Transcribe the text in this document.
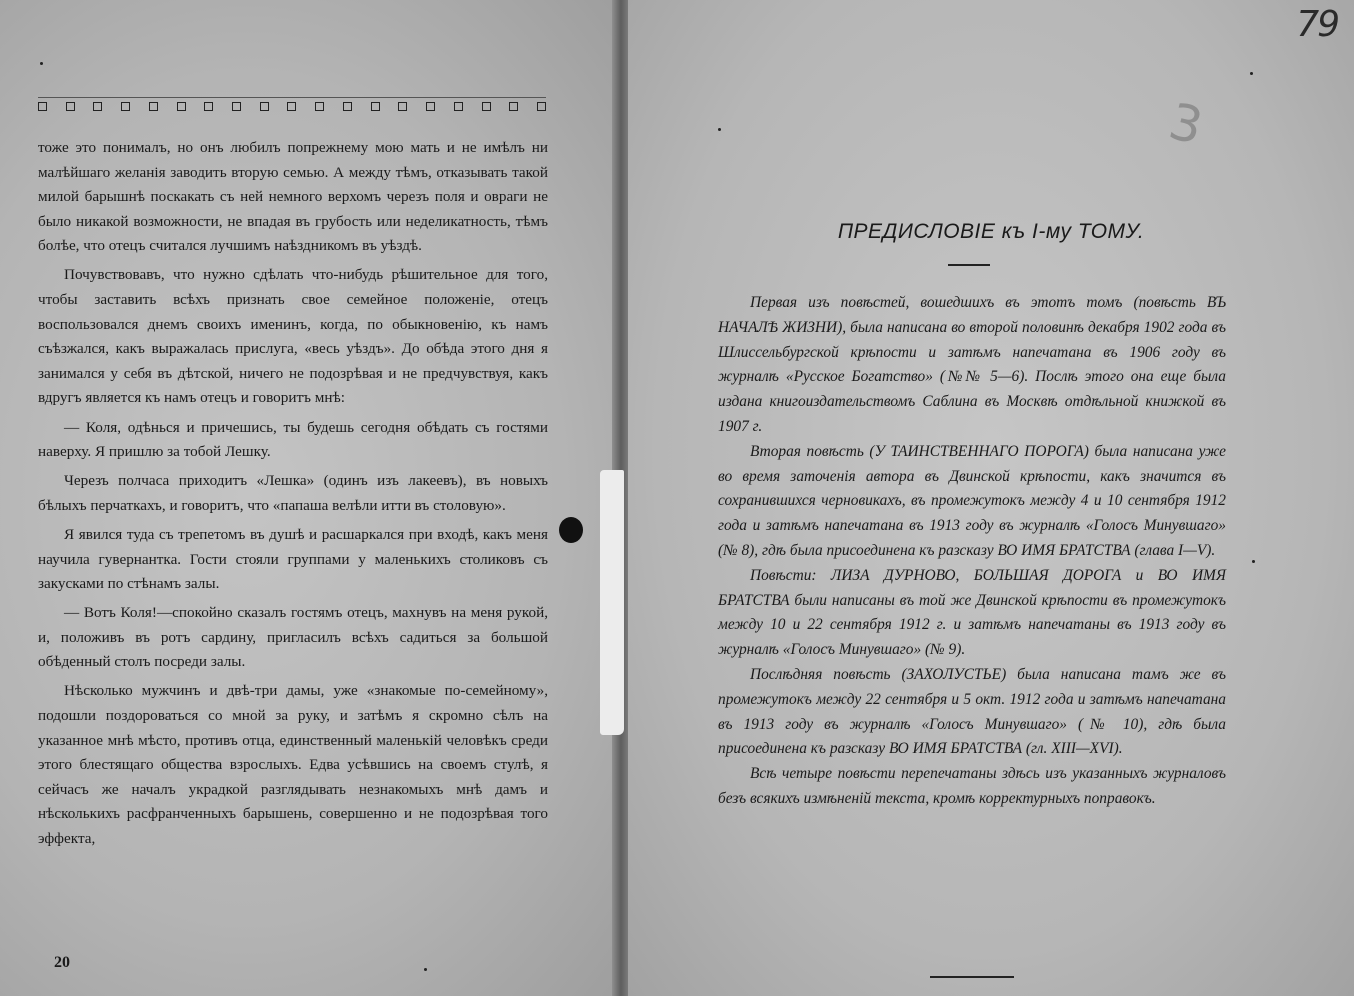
тоже это понималъ, но онъ любилъ попрежнему мою мать и не имѣлъ ни малѣйшаго желанія заводить вторую семью. А между тѣмъ, отказывать такой милой барышнѣ поскакать съ ней немного верхомъ черезъ поля и овраги не было никакой возможности, не впадая въ грубость или неделикатность, тѣмъ болѣе, что отецъ считался лучшимъ наѣздникомъ въ уѣздѣ.

Почувствовавъ, что нужно сдѣлать что-нибудь рѣшительное для того, чтобы заставить всѣхъ признать свое семейное положеніе, отецъ воспользовался днемъ своихъ именинъ, когда, по обыкновенію, къ намъ съѣзжался, какъ выражалась прислуга, «весь уѣздъ». До обѣда этого дня я занимался у себя въ дѣтской, ничего не подозрѣвая и не предчувствуя, какъ вдругъ является къ намъ отецъ и говоритъ мнѣ:

— Коля, одѣнься и причешись, ты будешь сегодня обѣдать съ гостями наверху. Я пришлю за тобой Лешку.

Черезъ полчаса приходитъ «Лешка» (одинъ изъ лакеевъ), въ новыхъ бѣлыхъ перчаткахъ, и говоритъ, что «папаша велѣли итти въ столовую».

Я явился туда съ трепетомъ въ душѣ и расшаркался при входѣ, какъ меня научила гувернантка. Гости стояли группами у маленькихъ столиковъ съ закусками по стѣнамъ залы.

— Вотъ Коля!—спокойно сказалъ гостямъ отецъ, махнувъ на меня рукой, и, положивъ въ ротъ сардину, пригласилъ всѣхъ садиться за большой обѣденный столъ посреди залы.

Нѣсколько мужчинъ и двѣ-три дамы, уже «знакомые по-семейному», подошли поздороваться со мной за руку, и затѣмъ я скромно сѣлъ на указанное мнѣ мѣсто, противъ отца, единственный маленькій человѣкъ среди этого блестящаго общества взрослыхъ. Едва усѣвшись на своемъ стулѣ, я сейчасъ же началъ украдкой разглядывать незнакомыхъ мнѣ дамъ и нѣсколькихъ расфранченныхъ барышень, совершенно и не подозрѣвая того эффекта,

20
79
3
ПРЕДИСЛОВІЕ къ I-му ТОМУ.

Первая изъ повѣстей, вошедшихъ въ этотъ томъ (повѣсть ВЪ НАЧАЛѢ ЖИЗНИ), была написана во второй половинѣ декабря 1902 года въ Шлиссельбургской крѣпости и затѣмъ напечатана въ 1906 году въ журналѣ «Русское Богатство» (№№ 5—6). Послѣ этого она еще была издана книгоиздательствомъ Саблина въ Москвѣ отдѣльной книжкой въ 1907 г.

Вторая повѣсть (У ТАИНСТВЕННАГО ПОРОГА) была написана уже во время заточенія автора въ Двинской крѣпости, какъ значится въ сохранившихся черновикахъ, въ промежутокъ между 4 и 10 сентября 1912 года и затѣмъ напечатана въ 1913 году въ журналѣ «Голосъ Минувшаго» (№ 8), гдѣ была присоединена къ разсказу ВО ИМЯ БРАТСТВА (глава I—V).

Повѣсти: ЛИЗА ДУРНОВО, БОЛЬШАЯ ДОРОГА и ВО ИМЯ БРАТСТВА были написаны въ той же Двинской крѣпости въ промежутокъ между 10 и 22 сентября 1912 г. и затѣмъ напечатаны въ 1913 году въ журналѣ «Голосъ Минувшаго» (№ 9).

Послѣдняя повѣсть (ЗАХОЛУСТЬЕ) была написана тамъ же въ промежутокъ между 22 сентября и 5 окт. 1912 года и затѣмъ напечатана въ 1913 году въ журналѣ «Голосъ Минувшаго» (№ 10), гдѣ была присоединена къ разсказу ВО ИМЯ БРАТСТВА (гл. XIII—XVI).

Всѣ четыре повѣсти перепечатаны здѣсь изъ указанныхъ журналовъ безъ всякихъ измѣненій текста, кромѣ корректурныхъ поправокъ.
